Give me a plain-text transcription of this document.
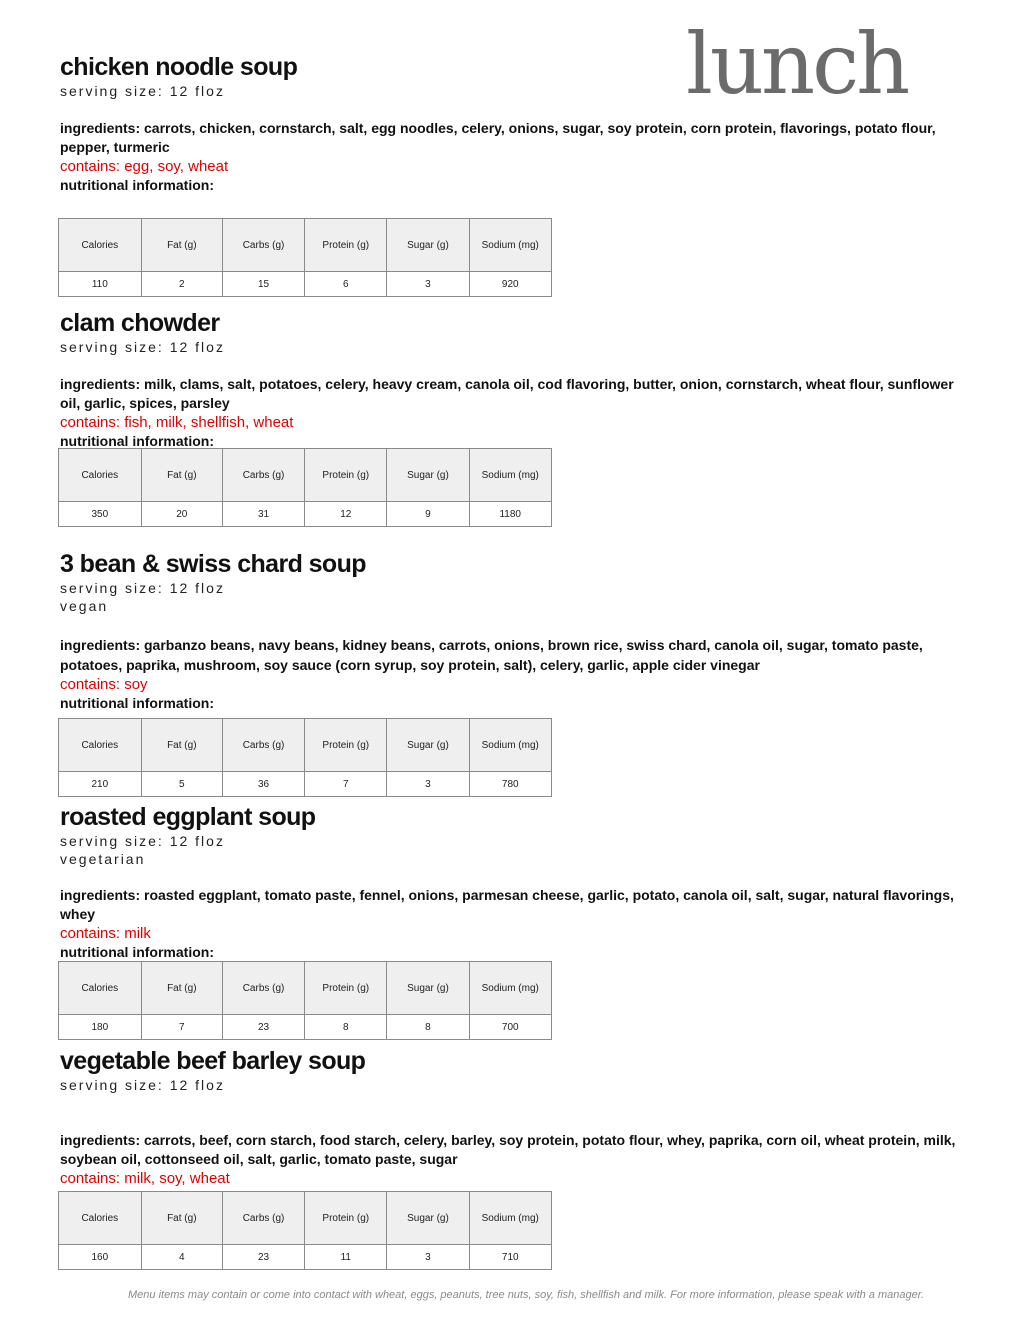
lunch
chicken noodle soup
serving size: 12 floz
ingredients: carrots, chicken, cornstarch, salt, egg noodles, celery, onions, sugar, soy protein, corn protein, flavorings, potato flour, pepper, turmeric
contains: egg, soy, wheat
nutritional information:
Calories	Fat (g)	Carbs (g)	Protein (g)	Sugar (g)	Sodium (mg)
110	2	15	6	3	920
clam chowder
serving size: 12 floz
ingredients: milk, clams, salt, potatoes, celery, heavy cream, canola oil, cod flavoring, butter, onion, cornstarch, wheat flour, sunflower oil, garlic, spices, parsley
contains: fish, milk, shellfish, wheat
nutritional information:
Calories	Fat (g)	Carbs (g)	Protein (g)	Sugar (g)	Sodium (mg)
350	20	31	12	9	1180
3 bean & swiss chard soup
serving size: 12 floz
vegan
ingredients: garbanzo beans, navy beans, kidney beans, carrots, onions, brown rice, swiss chard, canola oil, sugar, tomato paste, potatoes, paprika, mushroom, soy sauce (corn syrup, soy protein, salt), celery, garlic, apple cider vinegar
contains: soy
nutritional information:
Calories	Fat (g)	Carbs (g)	Protein (g)	Sugar (g)	Sodium (mg)
210	5	36	7	3	780
roasted eggplant soup
serving size: 12 floz
vegetarian
ingredients: roasted eggplant, tomato paste, fennel, onions, parmesan cheese, garlic, potato, canola oil, salt, sugar, natural flavorings, whey
contains: milk
nutritional information:
Calories	Fat (g)	Carbs (g)	Protein (g)	Sugar (g)	Sodium (mg)
180	7	23	8	8	700
vegetable beef barley soup
serving size: 12 floz
ingredients: carrots, beef, corn starch, food starch, celery, barley, soy protein, potato flour, whey, paprika, corn oil, wheat protein, milk, soybean oil, cottonseed oil, salt, garlic, tomato paste, sugar
contains: milk, soy, wheat
Calories	Fat (g)	Carbs (g)	Protein (g)	Sugar (g)	Sodium (mg)
160	4	23	11	3	710
Menu items may contain or come into contact with wheat, eggs, peanuts, tree nuts, soy, fish, shellfish and milk. For more information, please speak with a manager.
